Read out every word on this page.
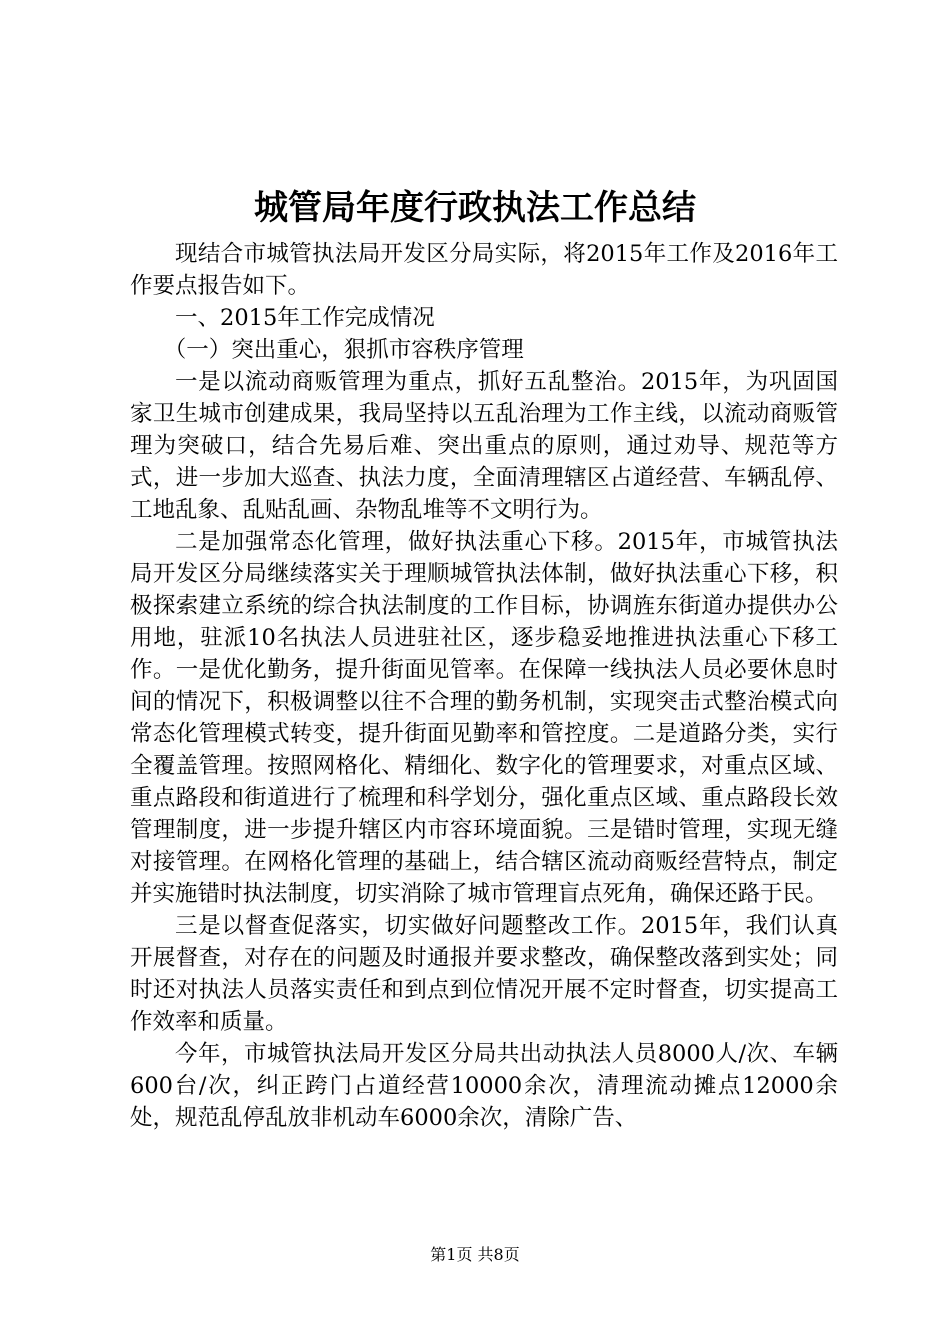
城管局年度行政执法工作总结

现结合市城管执法局开发区分局实际，将2015年工作及2016年工作要点报告如下。

一、2015年工作完成情况

（一）突出重心，狠抓市容秩序管理

一是以流动商贩管理为重点，抓好五乱整治。2015年，为巩固国家卫生城市创建成果，我局坚持以五乱治理为工作主线，以流动商贩管理为突破口，结合先易后难、突出重点的原则，通过劝导、规范等方式，进一步加大巡查、执法力度，全面清理辖区占道经营、车辆乱停、工地乱象、乱贴乱画、杂物乱堆等不文明行为。

二是加强常态化管理，做好执法重心下移。2015年，市城管执法局开发区分局继续落实关于理顺城管执法体制，做好执法重心下移，积极探索建立系统的综合执法制度的工作目标，协调旌东街道办提供办公用地，驻派10名执法人员进驻社区，逐步稳妥地推进执法重心下移工作。一是优化勤务，提升街面见管率。在保障一线执法人员必要休息时间的情况下，积极调整以往不合理的勤务机制，实现突击式整治模式向常态化管理模式转变，提升街面见勤率和管控度。二是道路分类，实行全覆盖管理。按照网格化、精细化、数字化的管理要求，对重点区域、重点路段和街道进行了梳理和科学划分，强化重点区域、重点路段长效管理制度，进一步提升辖区内市容环境面貌。三是错时管理，实现无缝对接管理。在网格化管理的基础上，结合辖区流动商贩经营特点，制定并实施错时执法制度，切实消除了城市管理盲点死角，确保还路于民。

三是以督查促落实，切实做好问题整改工作。2015年，我们认真开展督查，对存在的问题及时通报并要求整改，确保整改落到实处；同时还对执法人员落实责任和到点到位情况开展不定时督查，切实提高工作效率和质量。

今年，市城管执法局开发区分局共出动执法人员8000人/次、车辆600台/次，纠正跨门占道经营10000余次，清理流动摊点12000余处，规范乱停乱放非机动车6000余次，清除广告、

第1页 共8页
